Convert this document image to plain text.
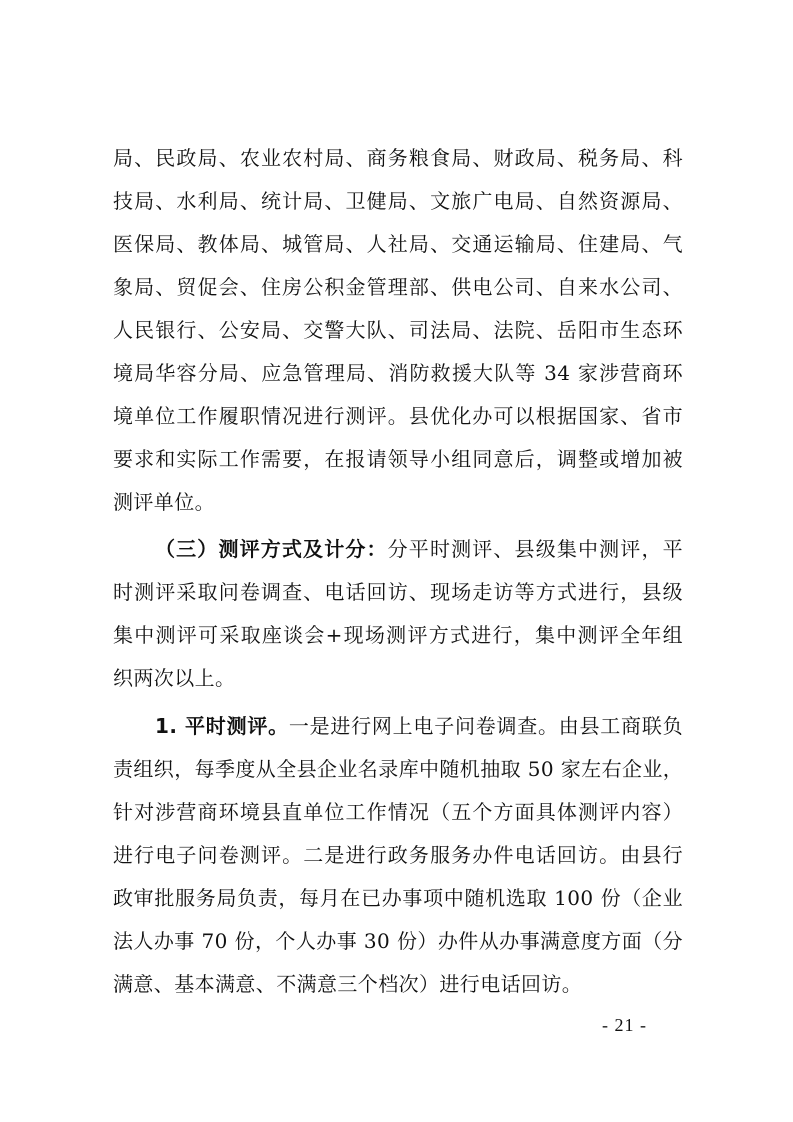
局、民政局、农业农村局、商务粮食局、财政局、税务局、科
技局、水利局、统计局、卫健局、文旅广电局、自然资源局、
医保局、教体局、城管局、人社局、交通运输局、住建局、气
象局、贸促会、住房公积金管理部、供电公司、自来水公司、
人民银行、公安局、交警大队、司法局、法院、岳阳市生态环
境局华容分局、应急管理局、消防救援大队等 34 家涉营商环
境单位工作履职情况进行测评。县优化办可以根据国家、省市
要求和实际工作需要，在报请领导小组同意后，调整或增加被
测评单位。
（三）测评方式及计分：分平时测评、县级集中测评，平
时测评采取问卷调查、电话回访、现场走访等方式进行，县级
集中测评可采取座谈会+现场测评方式进行，集中测评全年组
织两次以上。
1. 平时测评。一是进行网上电子问卷调查。由县工商联负
责组织，每季度从全县企业名录库中随机抽取 50 家左右企业，
针对涉营商环境县直单位工作情况（五个方面具体测评内容）
进行电子问卷测评。二是进行政务服务办件电话回访。由县行
政审批服务局负责，每月在已办事项中随机选取 100 份（企业
法人办事 70 份，个人办事 30 份）办件从办事满意度方面（分
满意、基本满意、不满意三个档次）进行电话回访。
- 21 -
